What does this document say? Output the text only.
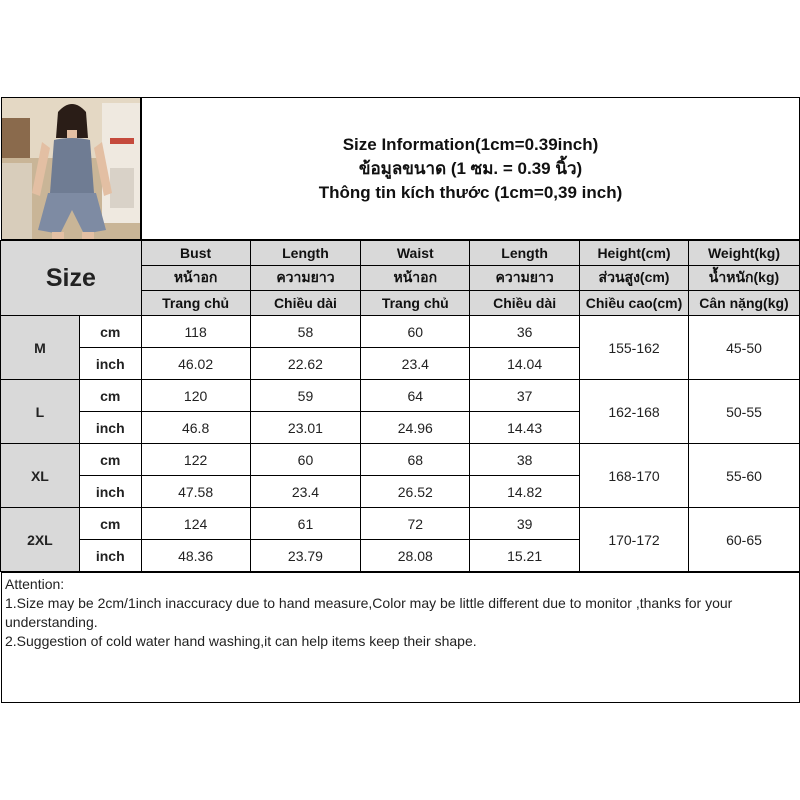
Size Information(1cm=0.39inch)
ข้อมูลขนาด (1 ซม. = 0.39 นิ้ว)
Thông tin kích thước (1cm=0,39 inch)
Size		Bust	Length	Waist	Length	Height(cm)	Weight(kg)
		หน้าอก	ความยาว	หน้าอก	ความยาว	ส่วนสูง(cm)	น้ำหนัก(kg)
		Trang chủ	Chiều dài	Trang chủ	Chiều dài	Chiều cao(cm)	Cân nặng(kg)
M	cm	118	58	60	36	155-162	45-50
	inch	46.02	22.62	23.4	14.04		
L	cm	120	59	64	37	162-168	50-55
	inch	46.8	23.01	24.96	14.43		
XL	cm	122	60	68	38	168-170	55-60
	inch	47.58	23.4	26.52	14.82		
2XL	cm	124	61	72	39	170-172	60-65
	inch	48.36	23.79	28.08	15.21		

Attention:

1.Size may be 2cm/1inch inaccuracy due to hand measure,Color may be little different due to monitor ,thanks for your understanding.

2.Suggestion of cold water hand washing,it can help items keep their shape.
